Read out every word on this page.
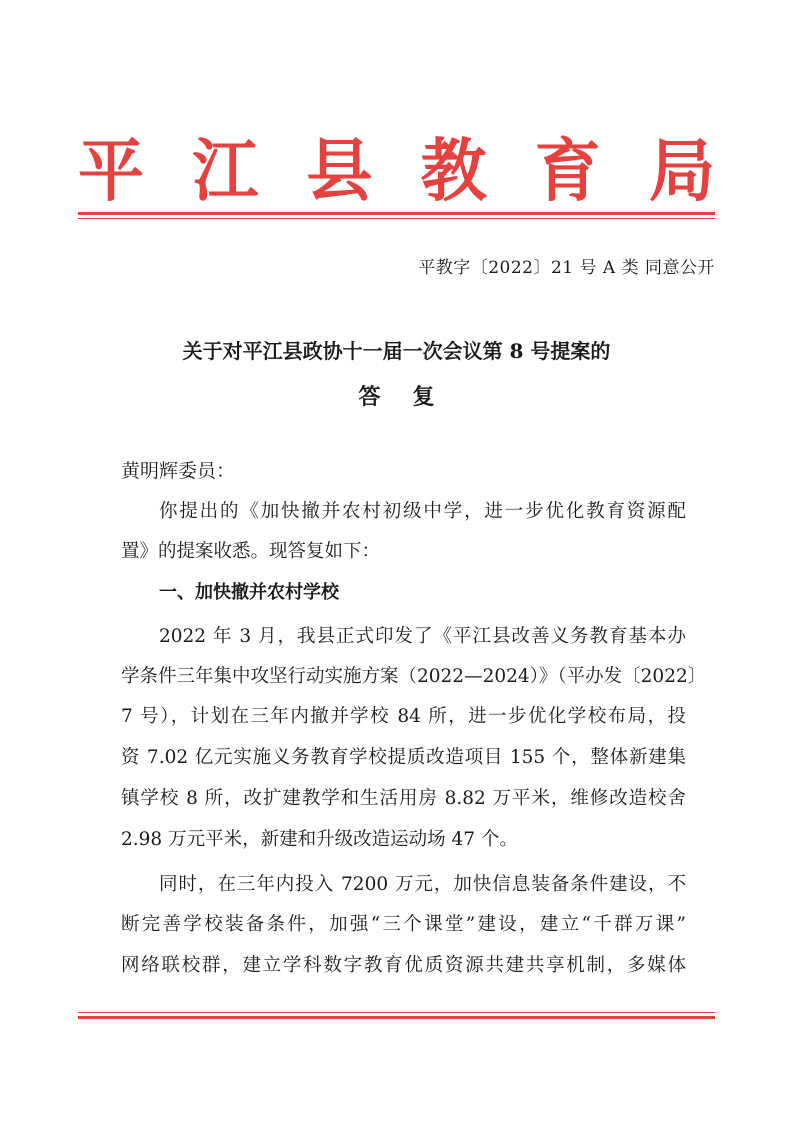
平 江 县 教 育 局
平教字〔2022〕21 号 A 类 同意公开
关于对平江县政协十一届一次会议第 8 号提案的
答复
黄明辉委员：
你提出的《加快撤并农村初级中学，进一步优化教育资源配
置》的提案收悉。现答复如下：
一、加快撤并农村学校
2022 年 3 月，我县正式印发了《平江县改善义务教育基本办
学条件三年集中攻坚行动实施方案（2022—2024）》（平办发〔2022〕
7 号），计划在三年内撤并学校 84 所，进一步优化学校布局，投
资 7.02 亿元实施义务教育学校提质改造项目 155 个，整体新建集
镇学校 8 所，改扩建教学和生活用房 8.82 万平米，维修改造校舍
2.98 万元平米，新建和升级改造运动场 47 个。
同时，在三年内投入 7200 万元，加快信息装备条件建设，不
断完善学校装备条件，加强“三个课堂”建设，建立“千群万课”
网络联校群，建立学科数字教育优质资源共建共享机制，多媒体
